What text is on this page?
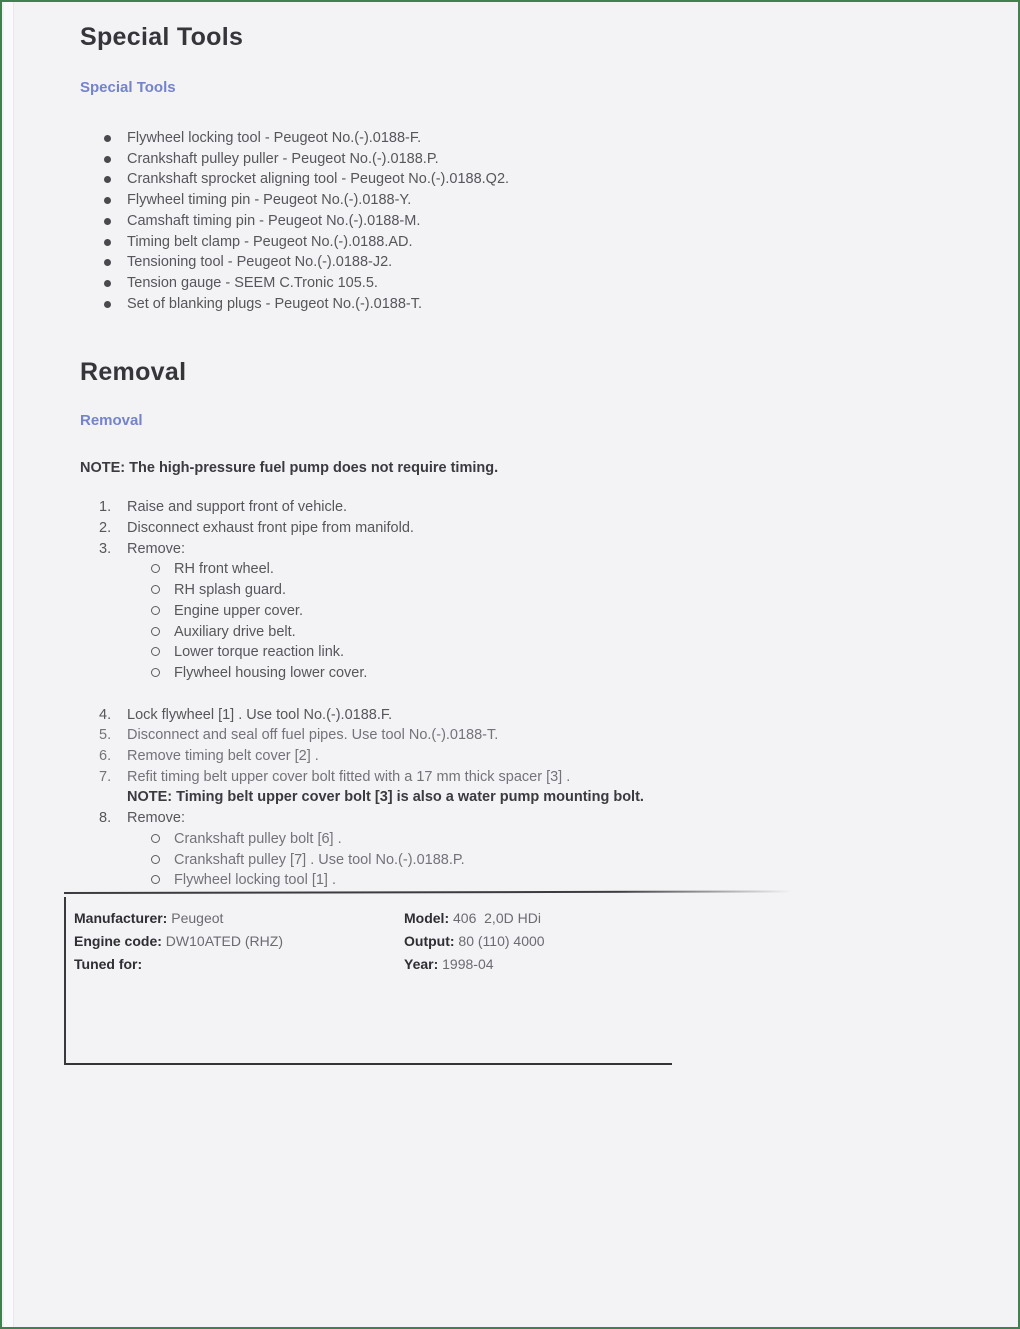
Special Tools
Special Tools
Flywheel locking tool - Peugeot No.(-).0188-F.
Crankshaft pulley puller - Peugeot No.(-).0188.P.
Crankshaft sprocket aligning tool - Peugeot No.(-).0188.Q2.
Flywheel timing pin - Peugeot No.(-).0188-Y.
Camshaft timing pin - Peugeot No.(-).0188-M.
Timing belt clamp - Peugeot No.(-).0188.AD.
Tensioning tool - Peugeot No.(-).0188-J2.
Tension gauge - SEEM C.Tronic 105.5.
Set of blanking plugs - Peugeot No.(-).0188-T.
Removal
Removal
NOTE: The high-pressure fuel pump does not require timing.
1.	Raise and support front of vehicle.
2.	Disconnect exhaust front pipe from manifold.
3.	Remove:
RH front wheel.
RH splash guard.
Engine upper cover.
Auxiliary drive belt.
Lower torque reaction link.
Flywheel housing lower cover.
4.	Lock flywheel [1] . Use tool No.(-).0188.F.
5.	Disconnect and seal off fuel pipes. Use tool No.(-).0188-T.
6.	Remove timing belt cover [2] .
7.	Refit timing belt upper cover bolt fitted with a 17 mm thick spacer [3] .
NOTE: Timing belt upper cover bolt [3] is also a water pump mounting bolt.
8.	Remove:
Crankshaft pulley bolt [6] .
Crankshaft pulley [7] . Use tool No.(-).0188.P.
Flywheel locking tool [1] .
Manufacturer: Peugeot
Engine code: DW10ATED (RHZ)
Tuned for:
Model: 406  2,0D HDi
Output: 80 (110) 4000
Year: 1998-04
